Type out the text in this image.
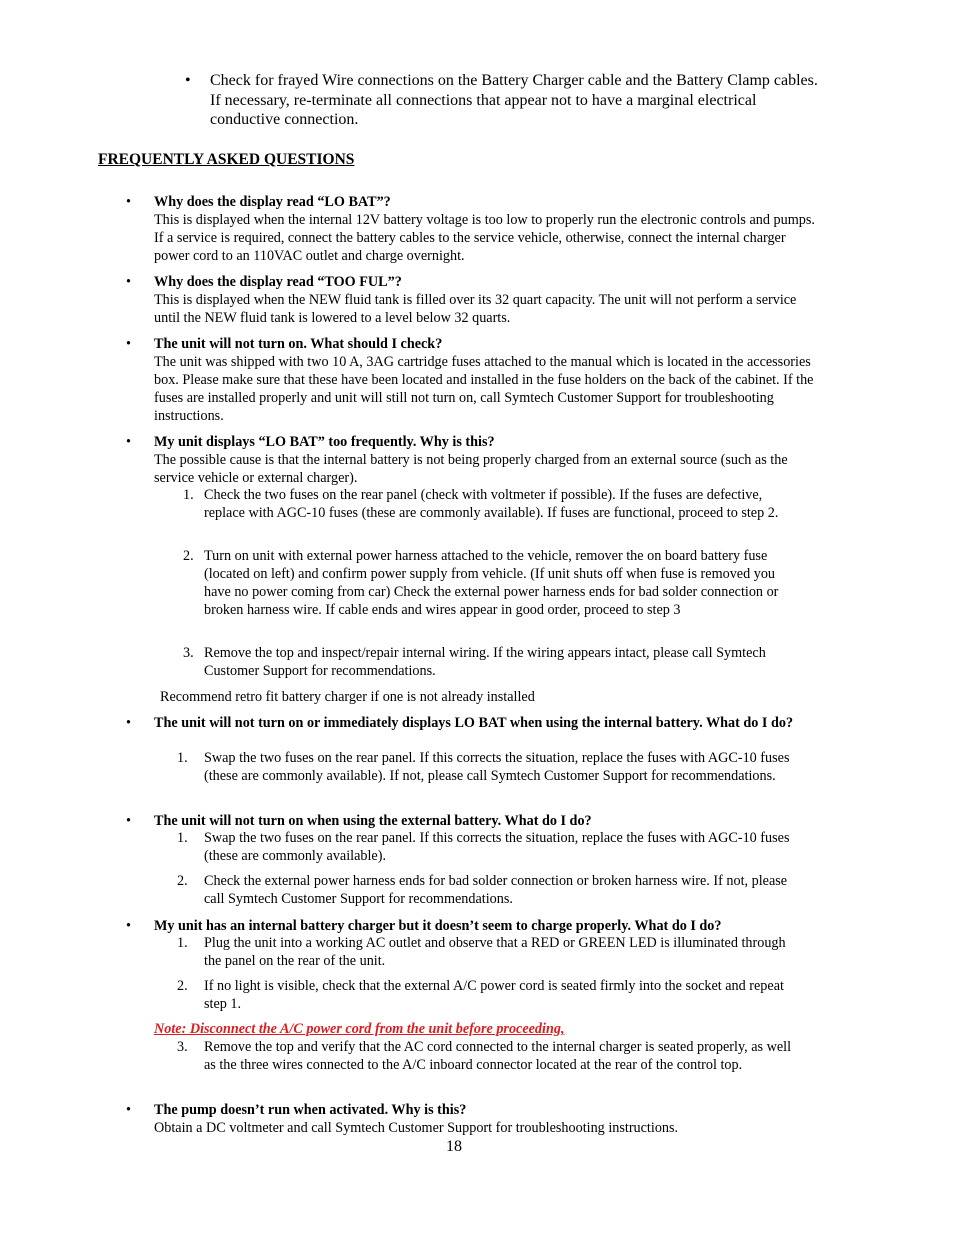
• Check for frayed Wire connections on the Battery Charger cable and the Battery Clamp cables. If necessary, re-terminate all connections that appear not to have a marginal electrical conductive connection.
FREQUENTLY ASKED QUESTIONS
• Why does the display read “LO BAT”?
This is displayed when the internal 12V battery voltage is too low to properly run the electronic controls and pumps. If a service is required, connect the battery cables to the service vehicle, otherwise, connect the internal charger power cord to an 110VAC outlet and charge overnight.
• Why does the display read “TOO FUL”?
This is displayed when the NEW fluid tank is filled over its 32 quart capacity. The unit will not perform a service until the NEW fluid tank is lowered to a level below 32 quarts.
• The unit will not turn on. What should I check?
The unit was shipped with two 10 A, 3AG cartridge fuses attached to the manual which is located in the accessories box. Please make sure that these have been located and installed in the fuse holders on the back of the cabinet. If the fuses are installed properly and unit will still not turn on, call Symtech Customer Support for troubleshooting instructions.
• My unit displays “LO BAT” too frequently. Why is this?
The possible cause is that the internal battery is not being properly charged from an external source (such as the service vehicle or external charger).
1. Check the two fuses on the rear panel (check with voltmeter if possible). If the fuses are defective, replace with AGC-10 fuses (these are commonly available). If fuses are functional, proceed to step 2.
2. Turn on unit with external power harness attached to the vehicle, remover the on board battery fuse (located on left) and confirm power supply from vehicle. (If unit shuts off when fuse is removed you have no power coming from car) Check the external power harness ends for bad solder connection or broken harness wire. If cable ends and wires appear in good order, proceed to step 3
3. Remove the top and inspect/repair internal wiring. If the wiring appears intact, please call Symtech Customer Support for recommendations.
Recommend retro fit battery charger if one is not already installed
• The unit will not turn on or immediately displays LO BAT when using the internal battery. What do I do?
1. Swap the two fuses on the rear panel. If this corrects the situation, replace the fuses with AGC-10 fuses (these are commonly available). If not, please call Symtech Customer Support for recommendations.
• The unit will not turn on when using the external battery. What do I do?
1. Swap the two fuses on the rear panel. If this corrects the situation, replace the fuses with AGC-10 fuses (these are commonly available).
2. Check the external power harness ends for bad solder connection or broken harness wire. If not, please call Symtech Customer Support for recommendations.
• My unit has an internal battery charger but it doesn’t seem to charge properly. What do I do?
1. Plug the unit into a working AC outlet and observe that a RED or GREEN LED is illuminated through the panel on the rear of the unit.
2. If no light is visible, check that the external A/C power cord is seated firmly into the socket and repeat step 1.
Note: Disconnect the A/C power cord from the unit before proceeding,
3. Remove the top and verify that the AC cord connected to the internal charger is seated properly, as well as the three wires connected to the A/C inboard connector located at the rear of the control top.
• The pump doesn’t run when activated. Why is this?
Obtain a DC voltmeter and call Symtech Customer Support for troubleshooting instructions.
18
